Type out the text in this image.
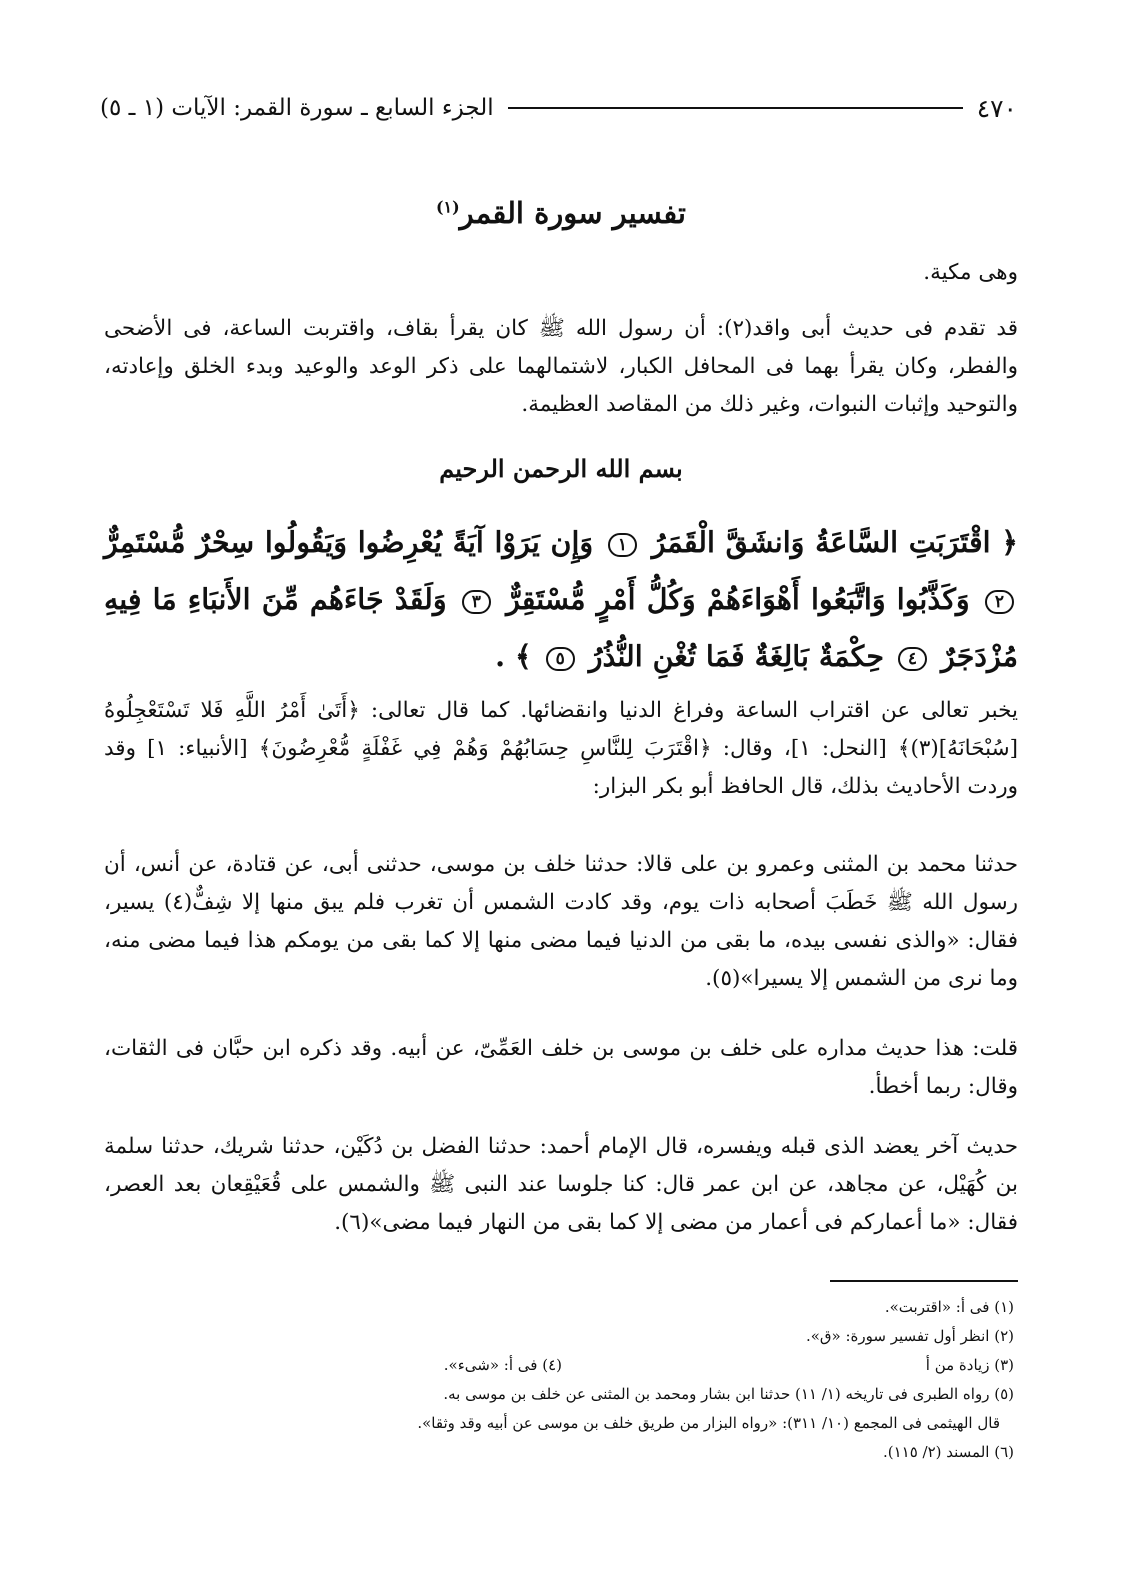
٤٧٠
الجزء السابع ـ سورة القمر: الآيات (١ ـ ٥)
تفسير سورة القمر$^{(١)}$
وهى مكية.
قد تقدم فى حديث أبى واقد(٢): أن رسول الله ﷺ كان يقرأ بقاف، واقتربت الساعة، فى الأضحى والفطر، وكان يقرأ بهما فى المحافل الكبار، لاشتمالهما على ذكر الوعد والوعيد وبدء الخلق وإعادته، والتوحيد وإثبات النبوات، وغير ذلك من المقاصد العظيمة.
بسم الله الرحمن الرحيم
﴿ اقْتَرَبَتِ السَّاعَةُ وَانشَقَّ الْقَمَرُ ١ وَإِن يَرَوْا آيَةً يُعْرِضُوا وَيَقُولُوا سِحْرٌ مُّسْتَمِرٌّ ٢ وَكَذَّبُوا وَاتَّبَعُوا أَهْوَاءَهُمْ وَكُلُّ أَمْرٍ مُّسْتَقِرٌّ ٣ وَلَقَدْ جَاءَهُم مِّنَ الأَنبَاءِ مَا فِيهِ مُزْدَجَرٌ ٤ حِكْمَةٌ بَالِغَةٌ فَمَا تُغْنِ النُّذُرُ ٥ ﴾ .
يخبر تعالى عن اقتراب الساعة وفراغ الدنيا وانقضائها. كما قال تعالى: ﴿أَتَىٰ أَمْرُ اللَّهِ فَلا تَسْتَعْجِلُوهُ [سُبْحَانَهُ](٣)﴾ [النحل: ١]، وقال: ﴿اقْتَرَبَ لِلنَّاسِ حِسَابُهُمْ وَهُمْ فِي غَفْلَةٍ مُّعْرِضُونَ﴾ [الأنبياء: ١] وقد وردت الأحاديث بذلك، قال الحافظ أبو بكر البزار:
حدثنا محمد بن المثنى وعمرو بن على قالا: حدثنا خلف بن موسى، حدثنى أبى، عن قتادة، عن أنس، أن رسول الله ﷺ خَطَبَ أصحابه ذات يوم، وقد كادت الشمس أن تغرب فلم يبق منها إلا شِفٌّ(٤) يسير، فقال: «والذى نفسى بيده، ما بقى من الدنيا فيما مضى منها إلا كما بقى من يومكم هذا فيما مضى منه، وما نرى من الشمس إلا يسيرا»(٥).
قلت: هذا حديث مداره على خلف بن موسى بن خلف العَمِّىّ، عن أبيه. وقد ذكره ابن حبَّان فى الثقات، وقال: ربما أخطأ.
حديث آخر يعضد الذى قبله ويفسره، قال الإمام أحمد: حدثنا الفضل بن دُكَيْن، حدثنا شريك، حدثنا سلمة بن كُهَيْل، عن مجاهد، عن ابن عمر قال: كنا جلوسا عند النبى ﷺ والشمس على قُعَيْقِعان بعد العصر، فقال: «ما أعماركم فى أعمار من مضى إلا كما بقى من النهار فيما مضى»(٦).
(١) فى أ: «اقتربت».
(٢) انظر أول تفسير سورة: «ق».
(٣) زيادة من أ
(٤) فى أ: «شىء».
(٥) رواه الطبرى فى تاريخه (١/ ١١) حدثنا ابن بشار ومحمد بن المثنى عن خلف بن موسى به.
قال الهيثمى فى المجمع (١٠/ ٣١١): «رواه البزار من طريق خلف بن موسى عن أبيه وقد وثقا».
(٦) المسند (٢/ ١١٥).
